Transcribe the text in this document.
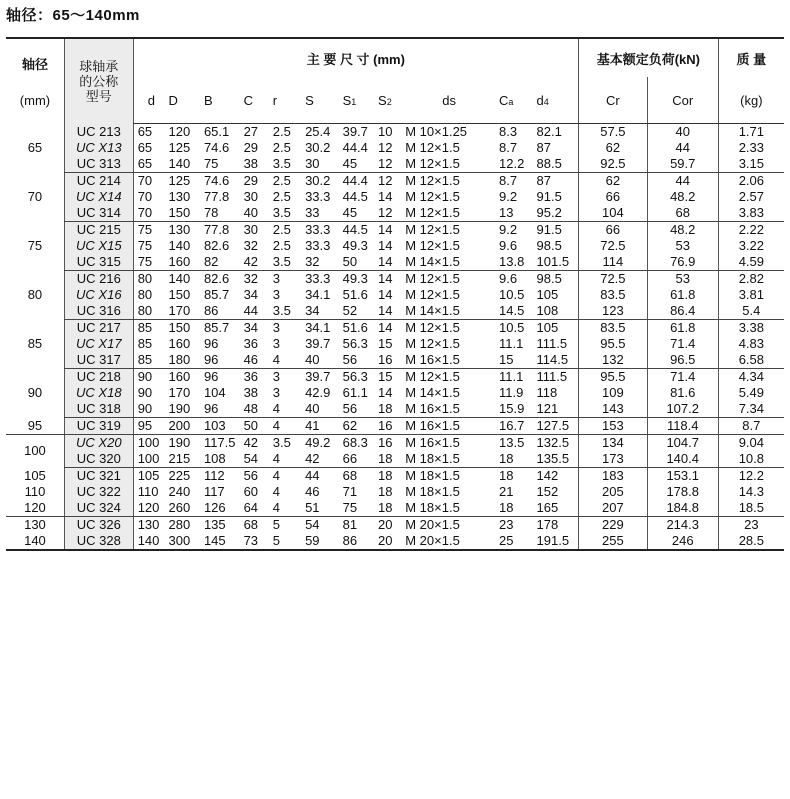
轴径：65～140mm
轴径
(mm)	球轴承的公称型号	主 要 尺 寸 (mm)											基本额定负荷(kN)		质 量
		d	D	B	C	r	S	S1	S2	ds	Ca	d4	Cr	Cor	(kg)
65	UC 213	65	120	65.1	27	2.5	25.4	39.7	10	M 10×1.25	8.3	82.1	57.5	40	1.71
	UC X13	65	125	74.6	29	2.5	30.2	44.4	12	M 12×1.5	8.7	87	62	44	2.33
	UC 313	65	140	75	38	3.5	30	45	12	M 12×1.5	12.2	88.5	92.5	59.7	3.15
70	UC 214	70	125	74.6	29	2.5	30.2	44.4	12	M 12×1.5	8.7	87	62	44	2.06
	UC X14	70	130	77.8	30	2.5	33.3	44.5	14	M 12×1.5	9.2	91.5	66	48.2	2.57
	UC 314	70	150	78	40	3.5	33	45	12	M 12×1.5	13	95.2	104	68	3.83
75	UC 215	75	130	77.8	30	2.5	33.3	44.5	14	M 12×1.5	9.2	91.5	66	48.2	2.22
	UC X15	75	140	82.6	32	2.5	33.3	49.3	14	M 12×1.5	9.6	98.5	72.5	53	3.22
	UC 315	75	160	82	42	3.5	32	50	14	M 14×1.5	13.8	101.5	114	76.9	4.59
80	UC 216	80	140	82.6	32	3	33.3	49.3	14	M 12×1.5	9.6	98.5	72.5	53	2.82
	UC X16	80	150	85.7	34	3	34.1	51.6	14	M 12×1.5	10.5	105	83.5	61.8	3.81
	UC 316	80	170	86	44	3.5	34	52	14	M 14×1.5	14.5	108	123	86.4	5.4
85	UC 217	85	150	85.7	34	3	34.1	51.6	14	M 12×1.5	10.5	105	83.5	61.8	3.38
	UC X17	85	160	96	36	3	39.7	56.3	15	M 12×1.5	11.1	111.5	95.5	71.4	4.83
	UC 317	85	180	96	46	4	40	56	16	M 16×1.5	15	114.5	132	96.5	6.58
90	UC 218	90	160	96	36	3	39.7	56.3	15	M 12×1.5	11.1	111.5	95.5	71.4	4.34
	UC X18	90	170	104	38	3	42.9	61.1	14	M 14×1.5	11.9	118	109	81.6	5.49
	UC 318	90	190	96	48	4	40	56	18	M 16×1.5	15.9	121	143	107.2	7.34
95	UC 319	95	200	103	50	4	41	62	16	M 16×1.5	16.7	127.5	153	118.4	8.7
100	UC X20	100	190	117.5	42	3.5	49.2	68.3	16	M 16×1.5	13.5	132.5	134	104.7	9.04
	UC 320	100	215	108	54	4	42	66	18	M 18×1.5	18	135.5	173	140.4	10.8
105	UC 321	105	225	112	56	4	44	68	18	M 18×1.5	18	142	183	153.1	12.2
110	UC 322	110	240	117	60	4	46	71	18	M 18×1.5	21	152	205	178.8	14.3
120	UC 324	120	260	126	64	4	51	75	18	M 18×1.5	18	165	207	184.8	18.5
130	UC 326	130	280	135	68	5	54	81	20	M 20×1.5	23	178	229	214.3	23
140	UC 328	140	300	145	73	5	59	86	20	M 20×1.5	25	191.5	255	246	28.5
